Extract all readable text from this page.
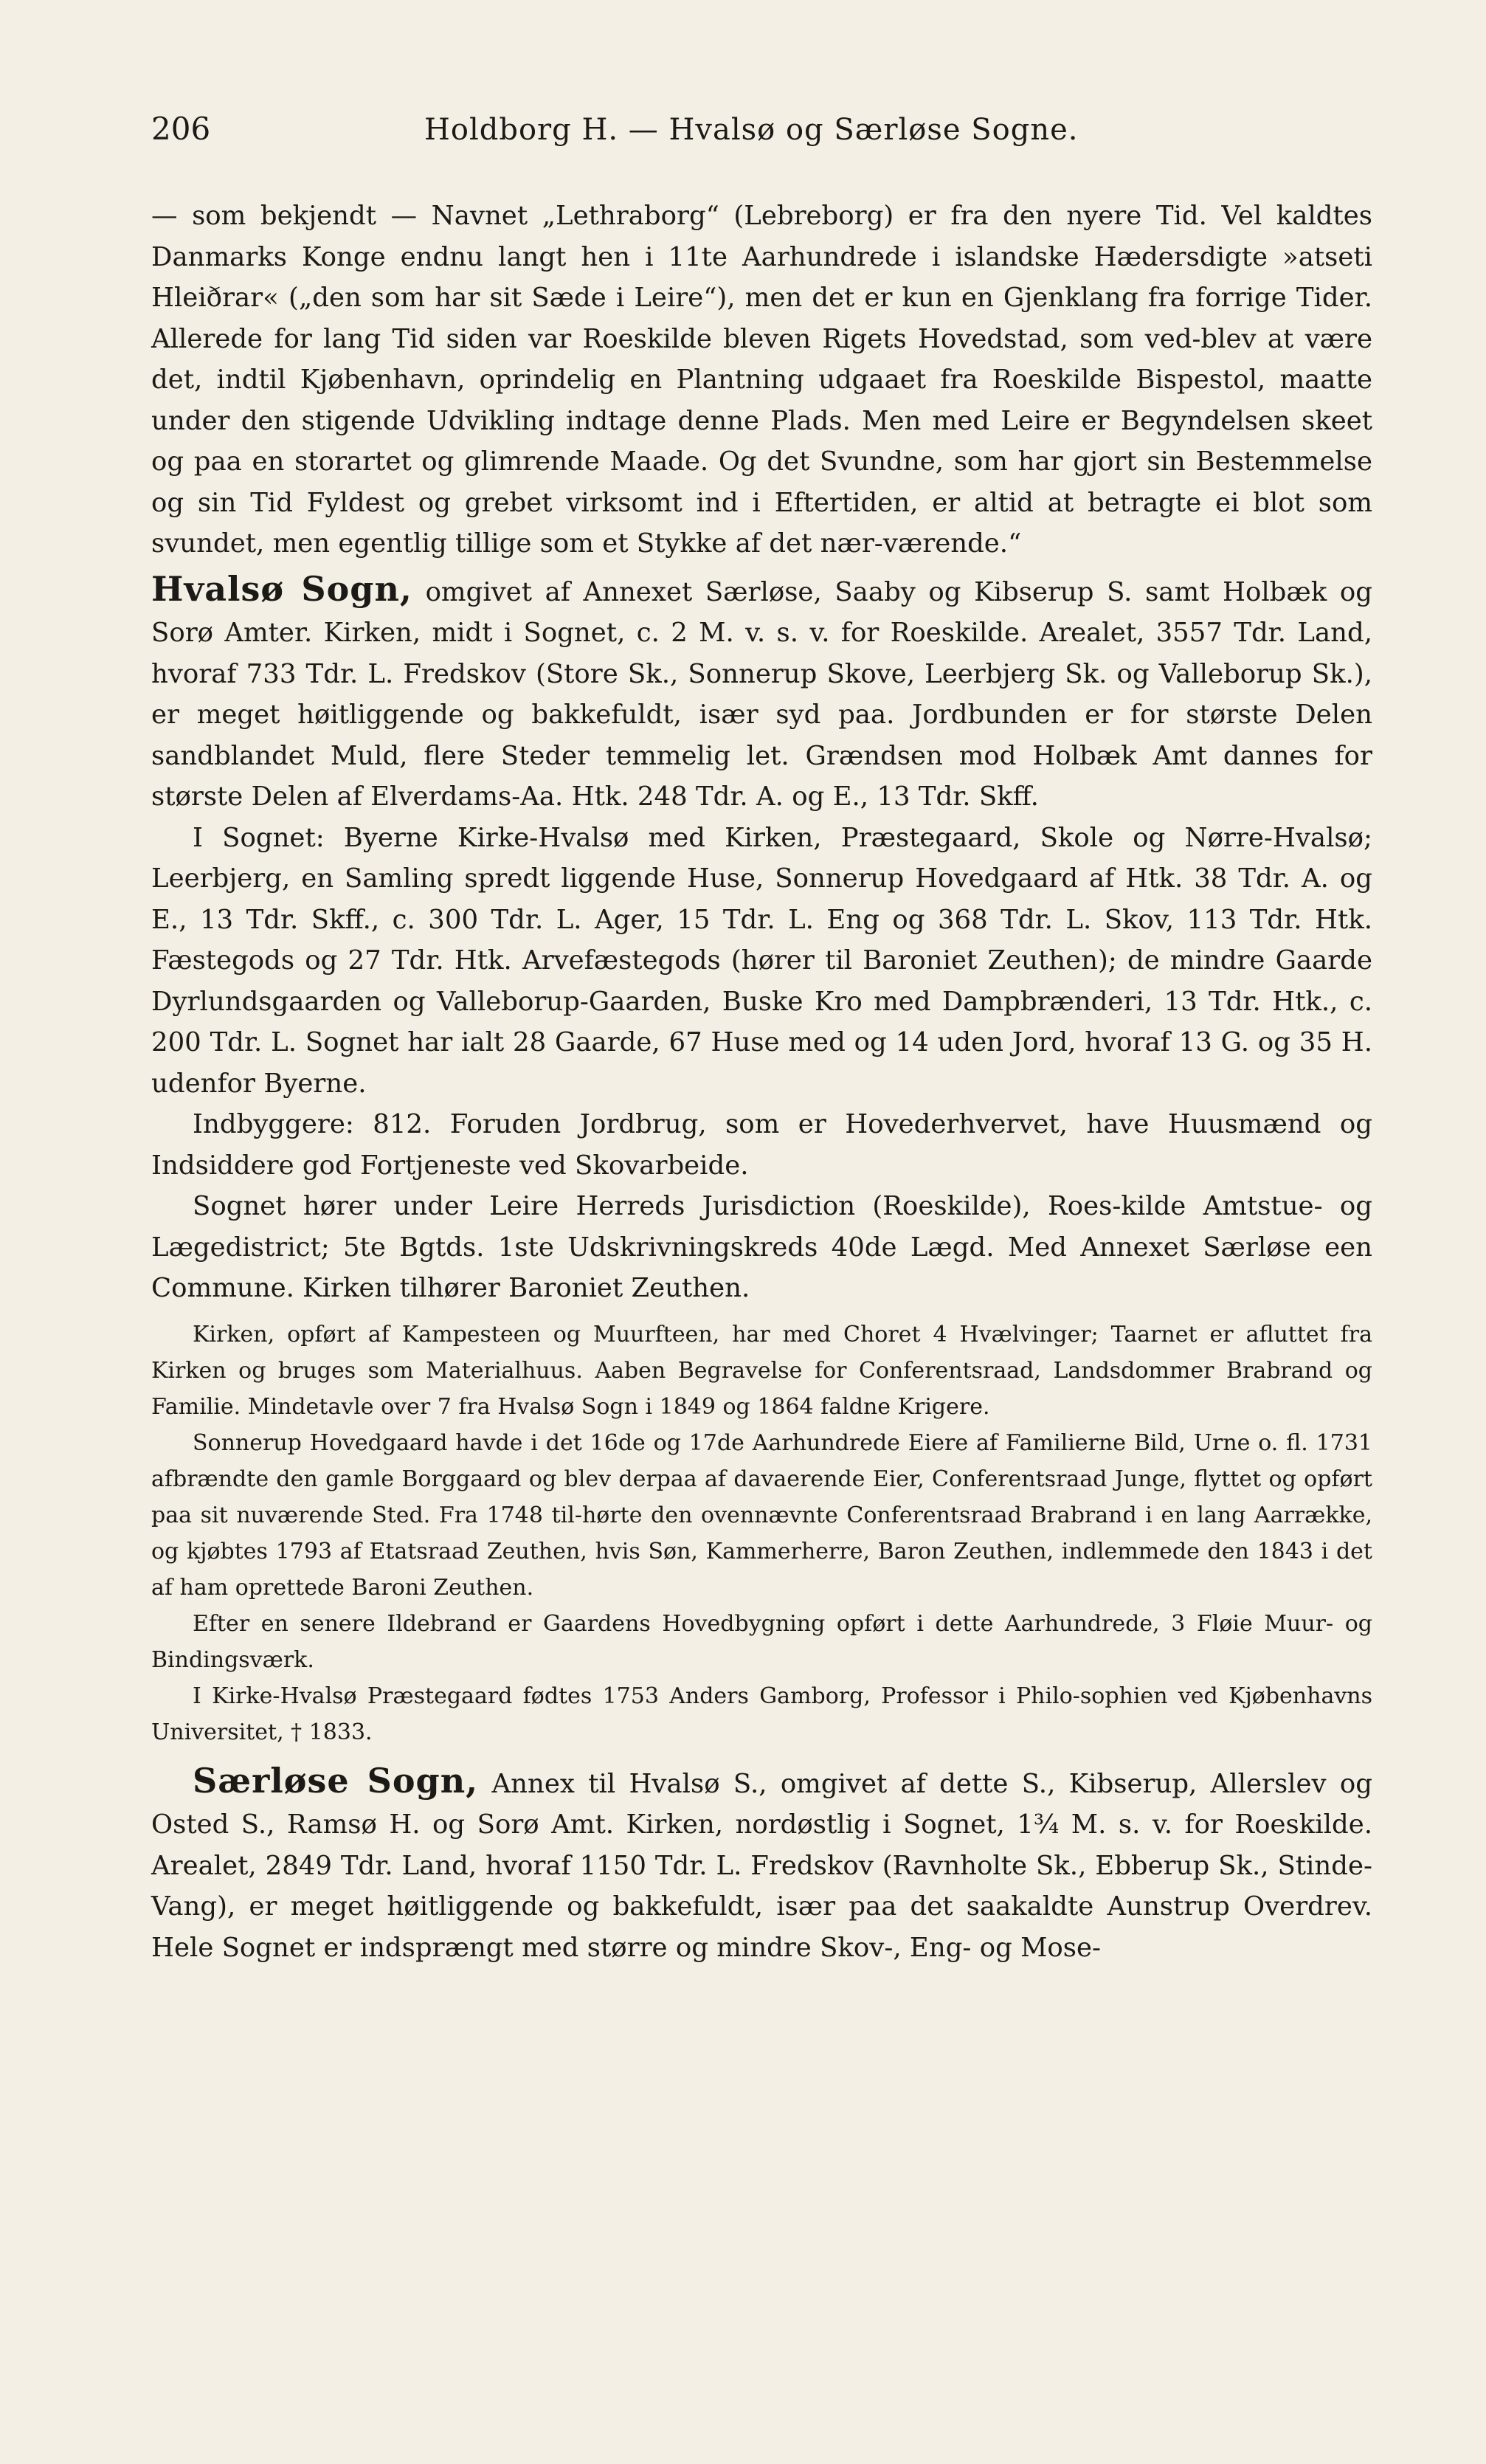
206	Holdborg H. — Hvalsø og Særløse Sogne.

— som bekjendt — Navnet „Lethraborg“ (Lebreborg) er fra den nyere Tid. Vel kaldtes Danmarks Konge endnu langt hen i 11te Aarhundrede i islandske Hædersdigte »atseti Hleiðrar« („den som har sit Sæde i Leire“), men det er kun en Gjenklang fra forrige Tider. Allerede for lang Tid siden var Roeskilde bleven Rigets Hovedstad, som ved-blev at være det, indtil Kjøbenhavn, oprindelig en Plantning udgaaet fra Roeskilde Bispestol, maatte under den stigende Udvikling indtage denne Plads. Men med Leire er Begyndelsen skeet og paa en storartet og glimrende Maade. Og det Svundne, som har gjort sin Bestemmelse og sin Tid Fyldest og grebet virksomt ind i Eftertiden, er altid at betragte ei blot som svundet, men egentlig tillige som et Stykke af det nær-værende.“

Hvalsø Sogn, omgivet af Annexet Særløse, Saaby og Kibserup S. samt Holbæk og Sorø Amter. Kirken, midt i Sognet, c. 2 M. v. s. v. for Roeskilde. Arealet, 3557 Tdr. Land, hvoraf 733 Tdr. L. Fredskov (Store Sk., Sonnerup Skove, Leerbjerg Sk. og Valleborup Sk.), er meget høitliggende og bakkefuldt, især syd paa. Jordbunden er for største Delen sandblandet Muld, flere Steder temmelig let. Grændsen mod Holbæk Amt dannes for største Delen af Elverdams-Aa. Htk. 248 Tdr. A. og E., 13 Tdr. Skff.

I Sognet: Byerne Kirke-Hvalsø med Kirken, Præstegaard, Skole og Nørre-Hvalsø; Leerbjerg, en Samling spredt liggende Huse, Sonnerup Hovedgaard af Htk. 38 Tdr. A. og E., 13 Tdr. Skff., c. 300 Tdr. L. Ager, 15 Tdr. L. Eng og 368 Tdr. L. Skov, 113 Tdr. Htk. Fæstegods og 27 Tdr. Htk. Arvefæstegods (hører til Baroniet Zeuthen); de mindre Gaarde Dyrlundsgaarden og Valleborup-Gaarden, Buske Kro med Dampbrænderi, 13 Tdr. Htk., c. 200 Tdr. L. Sognet har ialt 28 Gaarde, 67 Huse med og 14 uden Jord, hvoraf 13 G. og 35 H. udenfor Byerne.

Indbyggere: 812. Foruden Jordbrug, som er Hovederhvervet, have Huusmænd og Indsiddere god Fortjeneste ved Skovarbeide.

Sognet hører under Leire Herreds Jurisdiction (Roeskilde), Roes-kilde Amtstue- og Lægedistrict; 5te Bgtds. 1ste Udskrivningskreds 40de Lægd. Med Annexet Særløse een Commune. Kirken tilhører Baroniet Zeuthen.

Kirken, opført af Kampesteen og Muurfteen, har med Choret 4 Hvælvinger; Taarnet er afluttet fra Kirken og bruges som Materialhuus. Aaben Begravelse for Conferentsraad, Landsdommer Brabrand og Familie. Mindetavle over 7 fra Hvalsø Sogn i 1849 og 1864 faldne Krigere.

Sonnerup Hovedgaard havde i det 16de og 17de Aarhundrede Eiere af Familierne Bild, Urne o. fl. 1731 afbrændte den gamle Borggaard og blev derpaa af davaerende Eier, Conferentsraad Junge, flyttet og opført paa sit nuværende Sted. Fra 1748 til-hørte den ovennævnte Conferentsraad Brabrand i en lang Aarrække, og kjøbtes 1793 af Etatsraad Zeuthen, hvis Søn, Kammerherre, Baron Zeuthen, indlemmede den 1843 i det af ham oprettede Baroni Zeuthen.

Efter en senere Ildebrand er Gaardens Hovedbygning opført i dette Aarhundrede, 3 Fløie Muur- og Bindingsværk.

I Kirke-Hvalsø Præstegaard fødtes 1753 Anders Gamborg, Professor i Philo-sophien ved Kjøbenhavns Universitet, † 1833.

Særløse Sogn, Annex til Hvalsø S., omgivet af dette S., Kibserup, Allerslev og Osted S., Ramsø H. og Sorø Amt. Kirken, nordøstlig i Sognet, 1¾ M. s. v. for Roeskilde. Arealet, 2849 Tdr. Land, hvoraf 1150 Tdr. L. Fredskov (Ravnholte Sk., Ebberup Sk., Stinde-Vang), er meget høitliggende og bakkefuldt, især paa det saakaldte Aunstrup Overdrev. Hele Sognet er indsprængt med større og mindre Skov-, Eng- og Mose-
